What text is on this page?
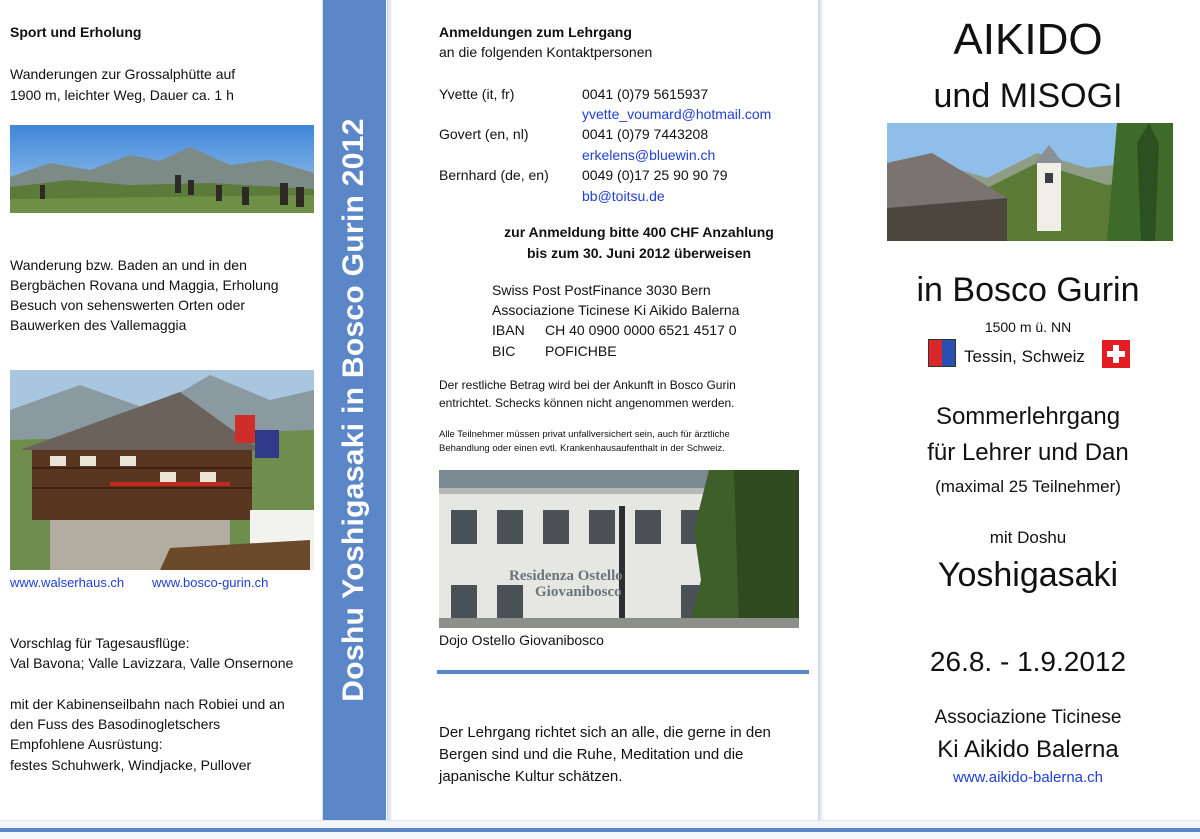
Sport und Erholung
Wanderungen zur Grossalphütte auf
1900 m, leichter Weg, Dauer ca. 1 h
Wanderung bzw. Baden an und in den
Bergbächen Rovana und Maggia, Erholung
Besuch von sehenswerten Orten oder
Bauwerken des Vallemaggia
www.walserhaus.ch www.bosco-gurin.ch
Vorschlag für Tagesausflüge:
Val Bavona; Valle Lavizzara, Valle Onsernone
mit der Kabinenseilbahn nach Robiei und an
den Fuss des Basodinogletschers
Empfohlene Ausrüstung:
festes Schuhwerk, Windjacke, Pullover
Doshu Yoshigasaki in Bosco Gurin 2012
Anmeldungen zum Lehrgang
an die folgenden Kontaktpersonen
Yvette (it, fr)	0041 (0)79 5615937
yvette_voumard@hotmail.com
Govert (en, nl)	0041 (0)79 7443208
erkelens@bluewin.ch
Bernhard (de, en) 0049 (0)17 25 90 90 79
bb@toitsu.de
zur Anmeldung bitte 400 CHF Anzahlung
bis zum 30. Juni 2012 überweisen
Swiss Post PostFinance 3030 Bern
Associazione Ticinese Ki Aikido Balerna
IBAN CH 40 0900 0000 6521 4517 0
BIC POFICHBE
Der restliche Betrag wird bei der Ankunft in Bosco Gurin
entrichtet. Schecks können nicht angenommen werden.
Alle Teilnehmer müssen privat unfallversichert sein, auch für ärztliche
Behandlung oder einen evtl. Krankenhausaufenthalt in der Schweiz.
Residenza Ostello
Giovanibosco
Dojo Ostello Giovanibosco
Der Lehrgang richtet sich an alle, die gerne in den
Bergen sind und die Ruhe, Meditation und die
japanische Kultur schätzen.
AIKIDO
und MISOGI
in Bosco Gurin
1500 m ü. NN
Tessin, Schweiz
Sommerlehrgang
für Lehrer und Dan
(maximal 25 Teilnehmer)
mit Doshu
Yoshigasaki
26.8. - 1.9.2012
Associazione Ticinese
Ki Aikido Balerna
www.aikido-balerna.ch
